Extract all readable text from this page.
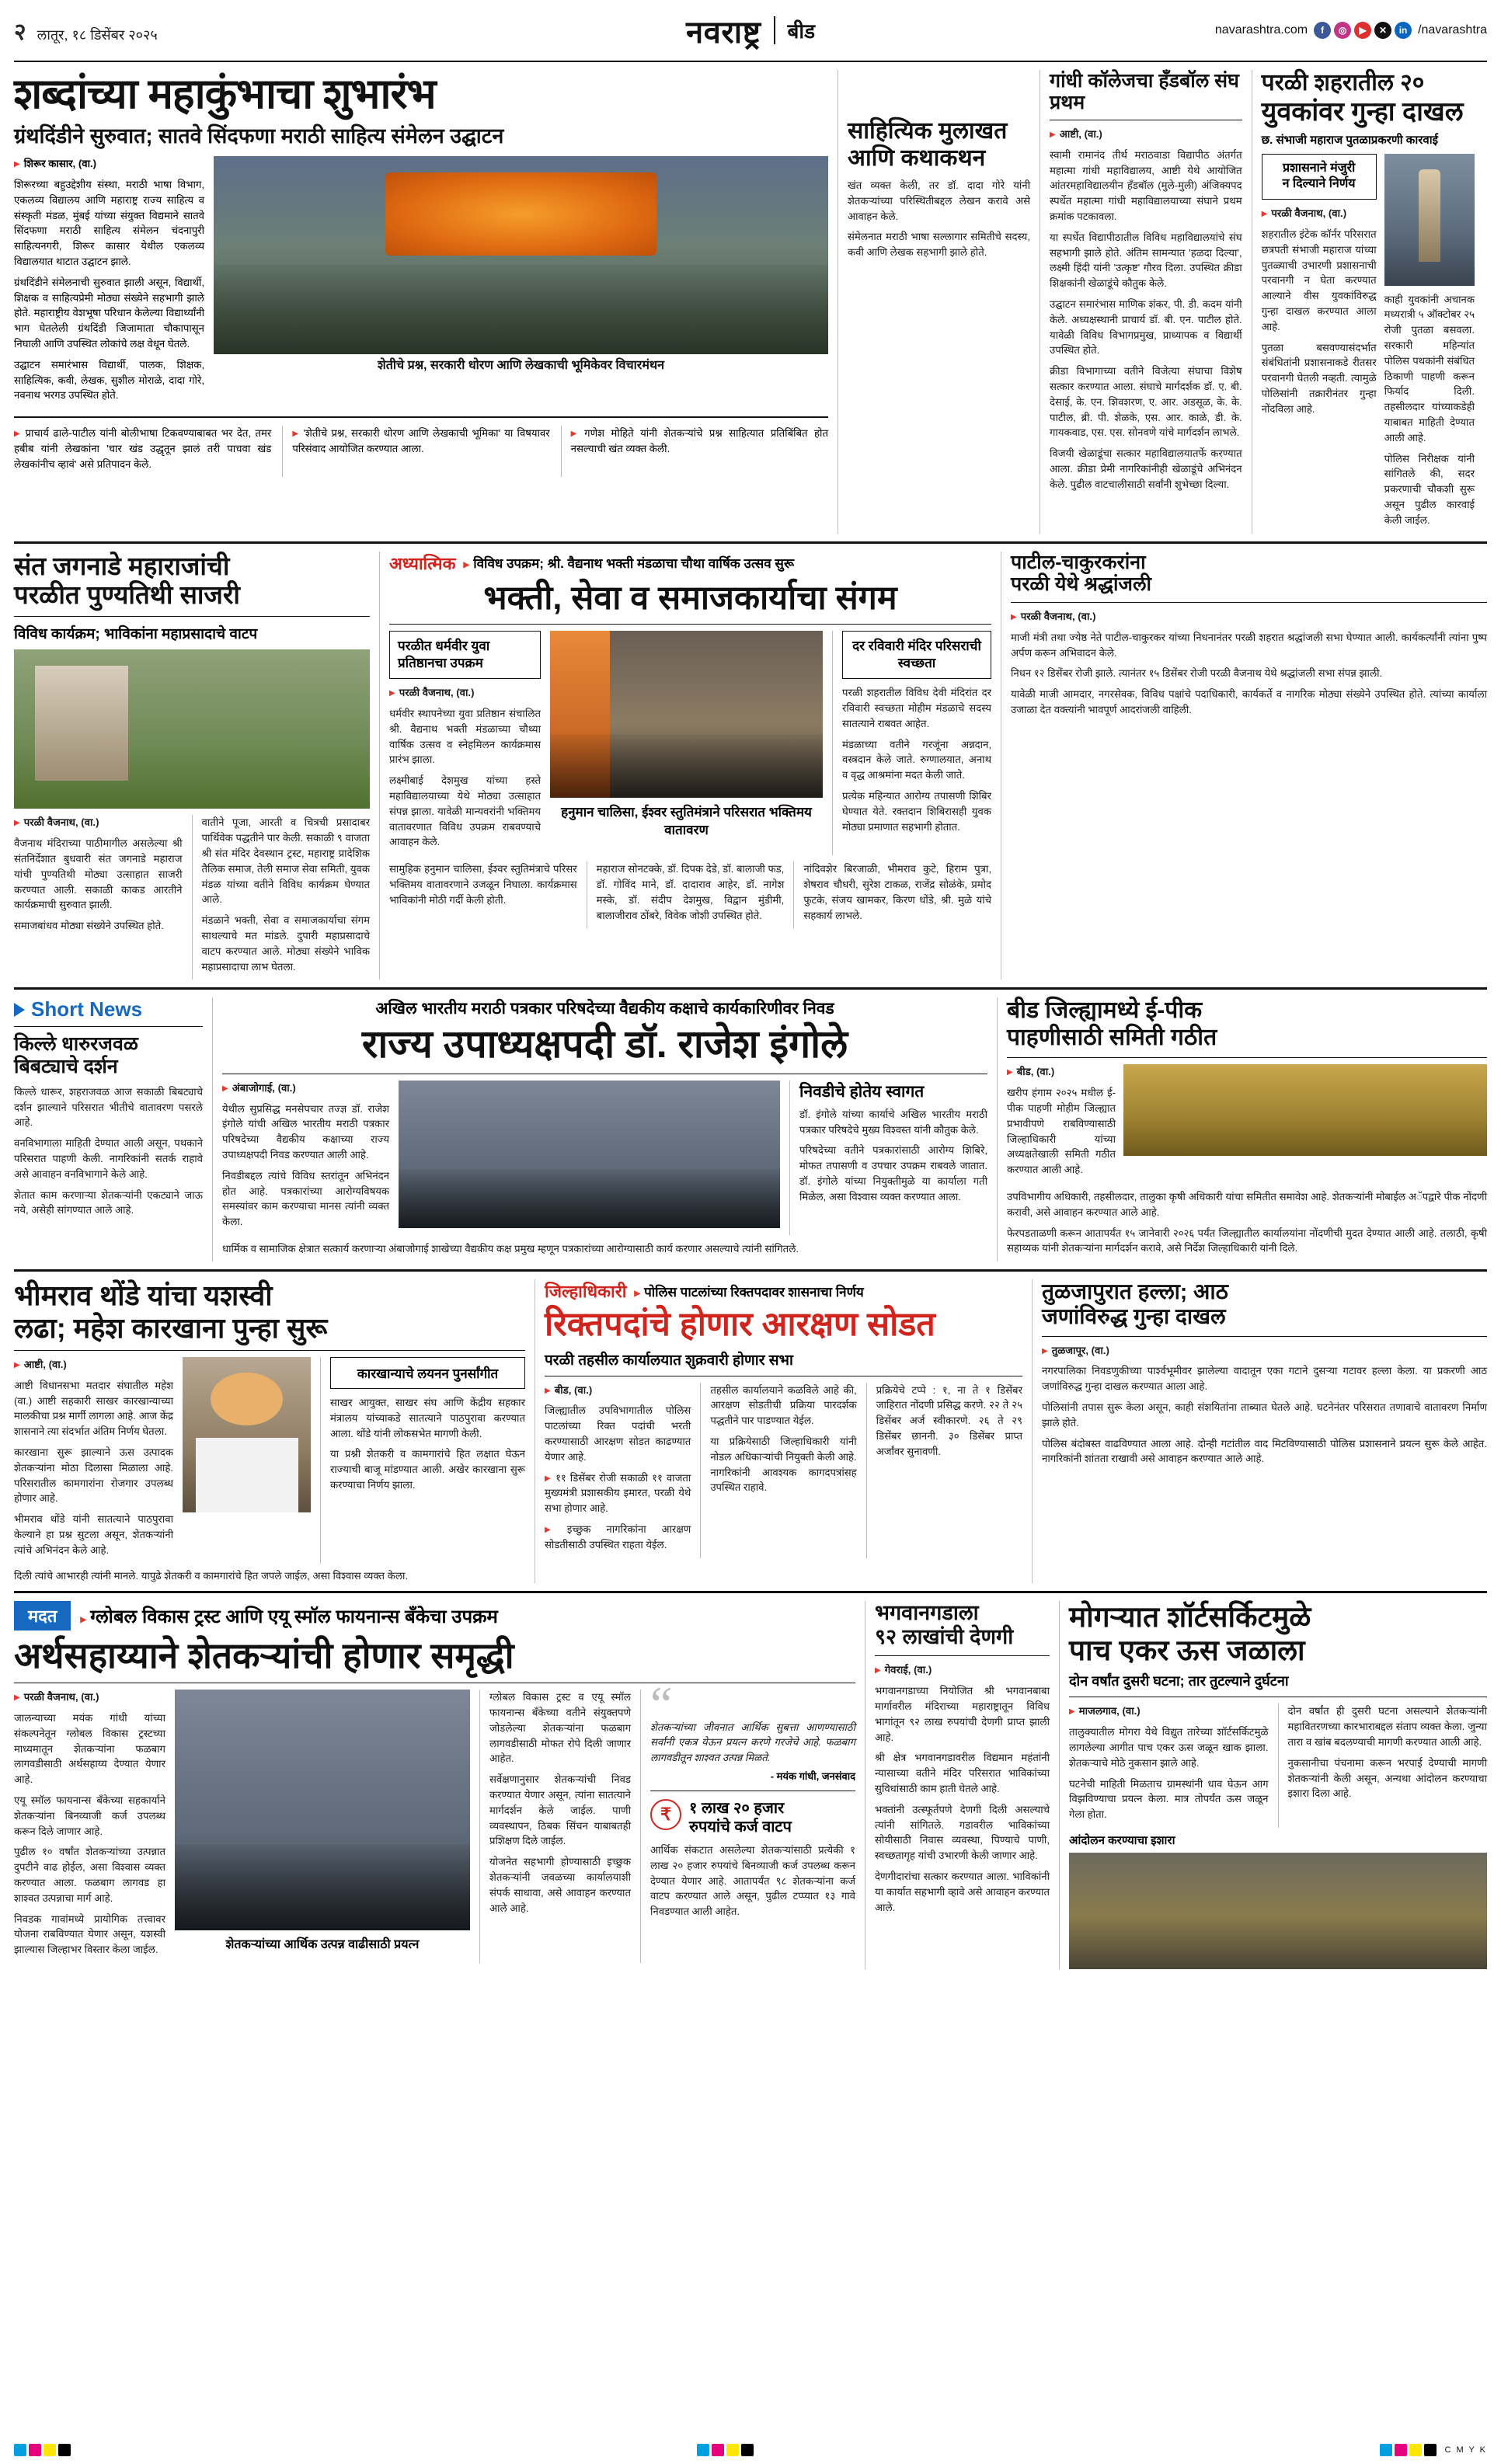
२ लातूर, १८ डिसेंबर २०२५	नवराष्ट्र	बीड	navarashtra.com	f	◎	▶	✕	in /navarashtra
शब्दांच्या महाकुंभाचा शुभारंभ
ग्रंथदिंडीने सुरुवात; सातवे सिंदफणा मराठी साहित्य संमेलन उद्घाटन

▶ शिरूर कासार, (वा.)

शिरूरच्या बहुउद्देशीय संस्था, मराठी भाषा विभाग, एकलव्य विद्यालय आणि महाराष्ट्र राज्य साहित्य व संस्कृती मंडळ, मुंबई यांच्या संयुक्त विद्यमाने सातवे सिंदफणा मराठी साहित्य संमेलन चंदनापुरी साहित्यनगरी, शिरूर कासार येथील एकलव्य विद्यालयात थाटात उद्घाटन झाले.

ग्रंथदिंडीने संमेलनाची सुरुवात झाली असून, विद्यार्थी, शिक्षक व साहित्यप्रेमी मोठ्या संख्येने सहभागी झाले होते. महाराष्ट्रीय वेशभूषा परिधान केलेल्या विद्यार्थ्यांनी भाग घेतलेली ग्रंथदिंडी जिजामाता चौकापासून निघाली आणि उपस्थित लोकांचे लक्ष वेधून घेतले.

उद्घाटन समारंभास विद्यार्थी, पालक, शिक्षक, साहित्यिक, कवी, लेखक, सुशील मोराळे, दादा गोरे, नवनाथ भरगड उपस्थित होते.

शेतीचे प्रश्न, सरकारी धोरण आणि लेखकाची भूमिकेवर विचारमंथन

▶ प्राचार्य ढाले-पाटील यांनी बोलीभाषा टिकवण्याबाबत भर देत, तमर हबीब यांनी लेखकांना 'चार खंड उद्धृतून झालं तरी पाचवा खंड लेखकांनीच व्हावं' असे प्रतिपादन केले.

▶ 'शेतीचे प्रश्न, सरकारी धोरण आणि लेखकाची भूमिका' या विषयावर परिसंवाद आयोजित करण्यात आला.

▶ गणेश मोहिते यांनी शेतकऱ्यांचे प्रश्न साहित्यात प्रतिबिंबित होत नसल्याची खंत व्यक्त केली.

साहित्यिक मुलाखत
आणि कथाकथन

खंत व्यक्त केली, तर डॉ. दादा गोरे यांनी शेतकऱ्यांच्या परिस्थितीबद्दल लेखन करावे असे आवाहन केले.

संमेलनात मराठी भाषा सल्लागार समितीचे सदस्य, कवी आणि लेखक सहभागी झाले होते.

गांधी कॉलेजचा हँडबॉल संघ प्रथम

▶ आष्टी, (वा.)

स्वामी रामानंद तीर्थ मराठवाडा विद्यापीठ अंतर्गत महात्मा गांधी महाविद्यालय, आष्टी येथे आयोजित आंतरमहाविद्यालयीन हँडबॉल (मुले-मुली) अंजिक्यपद स्पर्धेत महात्मा गांधी महाविद्यालयाच्या संघाने प्रथम क्रमांक पटकावला.

या स्पर्धेत विद्यापीठातील विविध महाविद्यालयांचे संघ सहभागी झाले होते. अंतिम सामन्यात 'हळदा दिल्या', लक्ष्मी हिंदी यांनी 'उत्कृष्ट' गौरव दिला. उपस्थित क्रीडा शिक्षकांनी खेळाडूंचे कौतुक केले.

उद्घाटन समारंभास माणिक शंकर, पी. डी. कदम यांनी केले. अध्यक्षस्थानी प्राचार्य डॉ. बी. एन. पाटील होते. यावेळी विविध विभागप्रमुख, प्राध्यापक व विद्यार्थी उपस्थित होते.

क्रीडा विभागाच्या वतीने विजेत्या संघाचा विशेष सत्कार करण्यात आला. संघाचे मार्गदर्शक डॉ. ए. बी. देसाई, के. एन. शिवशरण, ए. आर. अडसूळ, के. के. पाटील, ब्री. पी. शेळके, एस. आर. काळे, डी. के. गायकवाड, एस. एस. सोनवणे यांचे मार्गदर्शन लाभले.

विजयी खेळाडूंचा सत्कार महाविद्यालयातर्फे करण्यात आला. क्रीडा प्रेमी नागरिकांनीही खेळाडूंचे अभिनंदन केले. पुढील वाटचालीसाठी सर्वांनी शुभेच्छा दिल्या.

परळी शहरातील २०
युवकांवर गुन्हा दाखल
छ. संभाजी महाराज पुतळाप्रकरणी कारवाई
प्रशासनाने मंजुरी
न दिल्याने निर्णय

▶ परळी वैजनाथ, (वा.)

शहरातील इंटेक कॉर्नर परिसरात छत्रपती संभाजी महाराज यांच्या पुतळ्याची उभारणी प्रशासनाची परवानगी न घेता करण्यात आल्याने वीस युवकांविरुद्ध गुन्हा दाखल करण्यात आला आहे.

पुतळा बसवण्यासंदर्भात संबंधितांनी प्रशासनाकडे रीतसर परवानगी घेतली नव्हती. त्यामुळे पोलिसांनी तक्रारीनंतर गुन्हा नोंदविला आहे.

काही युवकांनी अचानक मध्यरात्री ५ ऑक्टोबर २५ रोजी पुतळा बसवला. सरकारी महिन्यांत पोलिस पथकांनी संबंधित ठिकाणी पाहणी करून फिर्याद दिली. तहसीलदार यांच्याकडेही याबाबत माहिती देण्यात आली आहे.

पोलिस निरीक्षक यांनी सांगितले की, सदर प्रकरणाची चौकशी सुरू असून पुढील कारवाई केली जाईल.

संत जगनाडे महाराजांची
परळीत पुण्यतिथी साजरी
विविध कार्यक्रम; भाविकांना महाप्रसादाचे वाटप

▶ परळी वैजनाथ, (वा.)

वैजनाथ मंदिराच्या पाठीमागील असलेल्या श्री संतनिर्देशात बुधवारी संत जगनाडे महाराज यांची पुण्यतिथी मोठ्या उत्साहात साजरी करण्यात आली. सकाळी काकड आरतीने कार्यक्रमाची सुरुवात झाली.

समाजबांधव मोठ्या संख्येने उपस्थित होते.

वातीने पूजा, आरती व चित्रची प्रसादाबर पार्थिवेक पद्धतीने पार केली. सकाळी ९ वाजता श्री संत मंदिर देवस्थान ट्रस्ट, महाराष्ट्र प्रादेशिक तैलिक समाज, तेली समाज सेवा समिती, युवक मंडळ यांच्या वतीने विविध कार्यक्रम घेण्यात आले.

मंडळाने भक्ती, सेवा व समाजकार्याचा संगम साधल्याचे मत मांडले. दुपारी महाप्रसादाचे वाटप करण्यात आले. मोठ्या संख्येने भाविक महाप्रसादाचा लाभ घेतला.

अध्यात्मिक	▶ विविध उपक्रम; श्री. वैद्यनाथ भक्ती मंडळाचा चौथा वार्षिक उत्सव सुरू
भक्ती, सेवा व समाजकार्याचा संगम
परळीत धर्मवीर युवा प्रतिष्ठानचा उपक्रम

▶ परळी वैजनाथ, (वा.)

धर्मवीर स्थापनेच्या युवा प्रतिष्ठान संचालित श्री. वैद्यनाथ भक्ती मंडळाच्या चौथ्या वार्षिक उत्सव व स्नेहमिलन कार्यक्रमास प्रारंभ झाला.

लक्ष्मीबाई देशमुख यांच्या हस्ते महाविद्यालयाच्या येथे मोठ्या उत्साहात संपन्न झाला. यावेळी मान्यवरांनी भक्तिमय वातावरणात विविध उपक्रम राबवण्याचे आवाहन केले.

हनुमान चालिसा, ईश्वर स्तुतिमंत्राने परिसरात भक्तिमय वातावरण
दर रविवारी मंदिर परिसराची स्वच्छता

परळी शहरातील विविध देवी मंदिरांत दर रविवारी स्वच्छता मोहीम मंडळाचे सदस्य सातत्याने राबवत आहेत.

मंडळाच्या वतीने गरजूंना अन्नदान, वस्त्रदान केले जाते. रुग्णालयात, अनाथ व वृद्ध आश्रमांना मदत केली जाते.

प्रत्येक महिन्यात आरोग्य तपासणी शिबिर घेण्यात येते. रक्तदान शिबिरासही युवक मोठ्या प्रमाणात सहभागी होतात.

सामुहिक हनुमान चालिसा, ईश्वर स्तुतिमंत्राचे परिसर भक्तिमय वातावरणाने उजळून निघाला. कार्यक्रमास भाविकांनी मोठी गर्दी केली होती.

महाराज सोनटक्के, डॉ. दिपक देडे, डॉ. बालाजी फड, डॉ. गोविंद माने, डॉ. दादाराव आहेर, डॉ. नागेश मस्के, डॉ. संदीप देशमुख, विद्वान मुंडीमी, बालाजीराव ठोंबरे, विवेक जोशी उपस्थित होते.

नांदिवशेर बिरजाळी, भीमराव कुटे, हिराम पुत्रा, शेषराव चौधरी, सुरेश टाकळ, राजेंद्र सोळंके, प्रमोद फुटके, संजय खामकर, किरण धोंडे, श्री. मुळे यांचे सहकार्य लाभले.

पाटील-चाकुरकरांना
परळी येथे श्रद्धांजली

▶ परळी वैजनाथ, (वा.)

माजी मंत्री तथा ज्येष्ठ नेते पाटील-चाकुरकर यांच्या निधनानंतर परळी शहरात श्रद्धांजली सभा घेण्यात आली. कार्यकर्त्यांनी त्यांना पुष्प अर्पण करून अभिवादन केले.

निधन १२ डिसेंबर रोजी झाले. त्यानंतर १५ डिसेंबर रोजी परळी वैजनाथ येथे श्रद्धांजली सभा संपन्न झाली.

यावेळी माजी आमदार, नगरसेवक, विविध पक्षांचे पदाधिकारी, कार्यकर्ते व नागरिक मोठ्या संख्येने उपस्थित होते. त्यांच्या कार्याला उजाळा देत वक्त्यांनी भावपूर्ण आदरांजली वाहिली.

Short News
किल्ले धारुरजवळ
बिबट्याचे दर्शन

किल्ले धारूर, शहराजवळ आज सकाळी बिबट्याचे दर्शन झाल्याने परिसरात भीतीचे वातावरण पसरले आहे.

वनविभागाला माहिती देण्यात आली असून, पथकाने परिसरात पाहणी केली. नागरिकांनी सतर्क राहावे असे आवाहन वनविभागाने केले आहे.

शेतात काम करणाऱ्या शेतकऱ्यांनी एकट्याने जाऊ नये, असेही सांगण्यात आले आहे.

अखिल भारतीय मराठी पत्रकार परिषदेच्या वैद्यकीय कक्षाचे कार्यकारिणीवर निवड
राज्य उपाध्यक्षपदी डॉ. राजेश इंगोले

▶ अंबाजोगाई, (वा.)

येथील सुप्रसिद्ध मनसेपचार तज्ज्ञ डॉ. राजेश इंगोले यांची अखिल भारतीय मराठी पत्रकार परिषदेच्या वैद्यकीय कक्षाच्या राज्य उपाध्यक्षपदी निवड करण्यात आली आहे.

निवडीबद्दल त्यांचे विविध स्तरांतून अभिनंदन होत आहे. पत्रकारांच्या आरोग्यविषयक समस्यांवर काम करण्याचा मानस त्यांनी व्यक्त केला.

निवडीचे होतेय स्वागत

डॉ. इंगोले यांच्या कार्याचे अखिल भारतीय मराठी पत्रकार परिषदेचे मुख्य विश्वस्त यांनी कौतुक केले.

परिषदेच्या वतीने पत्रकारांसाठी आरोग्य शिबिरे, मोफत तपासणी व उपचार उपक्रम राबवले जातात. डॉ. इंगोले यांच्या नियुक्तीमुळे या कार्याला गती मिळेल, असा विश्वास व्यक्त करण्यात आला.

धार्मिक व सामाजिक क्षेत्रात सत्कार्य करणाऱ्या अंबाजोगाई शाखेच्या वैद्यकीय कक्ष प्रमुख म्हणून पत्रकारांच्या आरोग्यासाठी कार्य करणार असल्याचे त्यांनी सांगितले.
बीड जिल्ह्यामध्ये ई-पीक
पाहणीसाठी समिती गठीत

▶ बीड, (वा.)

खरीप हंगाम २०२५ मधील ई-पीक पाहणी मोहीम जिल्ह्यात प्रभावीपणे राबविण्यासाठी जिल्हाधिकारी यांच्या अध्यक्षतेखाली समिती गठीत करण्यात आली आहे.

उपविभागीय अधिकारी, तहसीलदार, तालुका कृषी अधिकारी यांचा समितीत समावेश आहे. शेतकऱ्यांनी मोबाईल अॅपद्वारे पीक नोंदणी करावी, असे आवाहन करण्यात आले आहे.

फेरपडताळणी करून आतापर्यंत १५ जानेवारी २०२६ पर्यंत जिल्ह्यातील कार्यालयांना नोंदणीची मुदत देण्यात आली आहे. तलाठी, कृषी सहाय्यक यांनी शेतकऱ्यांना मार्गदर्शन करावे, असे निर्देश जिल्हाधिकारी यांनी दिले.

भीमराव थोंडे यांचा यशस्वी
लढा; महेश कारखाना पुन्हा सुरू

▶ आष्टी, (वा.)

आष्टी विधानसभा मतदार संघातील महेश (वा.) आष्टी सहकारी साखर कारखान्याच्या मालकीचा प्रश्न मार्गी लागला आहे. आज केंद्र शासनाने त्या संदर्भात अंतिम निर्णय घेतला.

कारखाना सुरू झाल्याने ऊस उत्पादक शेतकऱ्यांना मोठा दिलासा मिळाला आहे. परिसरातील कामगारांना रोजगार उपलब्ध होणार आहे.

भीमराव थोंडे यांनी सातत्याने पाठपुरावा केल्याने हा प्रश्न सुटला असून, शेतकऱ्यांनी त्यांचे अभिनंदन केले आहे.

कारखान्याचे लयनन पुनर्सांगीत

साखर आयुक्त, साखर संघ आणि केंद्रीय सहकार मंत्रालय यांच्याकडे सातत्याने पाठपुरावा करण्यात आला. थोंडे यांनी लोकसभेत मागणी केली.

या प्रश्नी शेतकरी व कामगारांचे हित लक्षात घेऊन राज्याची बाजू मांडण्यात आली. अखेर कारखाना सुरू करण्याचा निर्णय झाला.

दिली त्यांचे आभारही त्यांनी मानले. यापुढे शेतकरी व कामगारांचे हित जपले जाईल, असा विश्वास व्यक्त केला.
जिल्हाधिकारी	▶ पोलिस पाटलांच्या रिक्तपदावर शासनाचा निर्णय
रिक्तपदांचे होणार आरक्षण सोडत
परळी तहसील कार्यालयात शुक्रवारी होणार सभा

▶ बीड, (वा.)

जिल्ह्यातील उपविभागातील पोलिस पाटलांच्या रिक्त पदांची भरती करण्यासाठी आरक्षण सोडत काढण्यात येणार आहे.

▶ ११ डिसेंबर रोजी सकाळी ११ वाजता मुख्यमंत्री प्रशासकीय इमारत, परळी येथे सभा होणार आहे.

▶ इच्छुक नागरिकांना आरक्षण सोडतीसाठी उपस्थित राहता येईल.

तहसील कार्यालयाने कळविले आहे की, आरक्षण सोडतीची प्रक्रिया पारदर्शक पद्धतीने पार पाडण्यात येईल.

या प्रक्रियेसाठी जिल्हाधिकारी यांनी नोडल अधिकाऱ्यांची नियुक्ती केली आहे. नागरिकांनी आवश्यक कागदपत्रांसह उपस्थित राहावे.

प्रक्रियेचे टप्पे : १, ना ते १ डिसेंबर जाहिरात नोंदणी प्रसिद्ध करणे. २२ ते २५ डिसेंबर अर्ज स्वीकारणे. २६ ते २९ डिसेंबर छाननी. ३० डिसेंबर प्राप्त अर्जांवर सुनावणी.

तुळजापुरात हल्ला; आठ
जणांविरुद्ध गुन्हा दाखल

▶ तुळजापूर, (वा.)

नगरपालिका निवडणुकीच्या पार्श्वभूमीवर झालेल्या वादातून एका गटाने दुसऱ्या गटावर हल्ला केला. या प्रकरणी आठ जणांविरुद्ध गुन्हा दाखल करण्यात आला आहे.

पोलिसांनी तपास सुरू केला असून, काही संशयितांना ताब्यात घेतले आहे. घटनेनंतर परिसरात तणावाचे वातावरण निर्माण झाले होते.

पोलिस बंदोबस्त वाढविण्यात आला आहे. दोन्ही गटांतील वाद मिटविण्यासाठी पोलिस प्रशासनाने प्रयत्न सुरू केले आहेत. नागरिकांनी शांतता राखावी असे आवाहन करण्यात आले आहे.

मदत	▶ ग्लोबल विकास ट्रस्ट आणि एयू स्मॉल फायनान्स बँकेचा उपक्रम
अर्थसहाय्याने शेतकऱ्यांची होणार समृद्धी

▶ परळी वैजनाथ, (वा.)

जालन्याच्या मयंक गांधी यांच्या संकल्पनेतून ग्लोबल विकास ट्रस्टच्या माध्यमातून शेतकऱ्यांना फळबाग लागवडीसाठी अर्थसहाय्य देण्यात येणार आहे.

एयू स्मॉल फायनान्स बँकेच्या सहकार्याने शेतकऱ्यांना बिनव्याजी कर्ज उपलब्ध करून दिले जाणार आहे.

पुढील १० वर्षांत शेतकऱ्यांच्या उत्पन्नात दुपटीने वाढ होईल, असा विश्वास व्यक्त करण्यात आला. फळबाग लागवड हा शाश्वत उत्पन्नाचा मार्ग आहे.

निवडक गावांमध्ये प्रायोगिक तत्त्वावर योजना राबविण्यात येणार असून, यशस्वी झाल्यास जिल्हाभर विस्तार केला जाईल.	शेतकऱ्यांच्या आर्थिक उत्पन्न वाढीसाठी प्रयत्न

ग्लोबल विकास ट्रस्ट व एयू स्मॉल फायनान्स बँकेच्या वतीने संयुक्तपणे जोडलेल्या शेतकऱ्यांना फळबाग लागवडीसाठी मोफत रोपे दिली जाणार आहेत.

सर्वेक्षणानुसार शेतकऱ्यांची निवड करण्यात येणार असून, त्यांना सातत्याने मार्गदर्शन केले जाईल. पाणी व्यवस्थापन, ठिबक सिंचन याबाबतही प्रशिक्षण दिले जाईल.

योजनेत सहभागी होण्यासाठी इच्छुक शेतकऱ्यांनी जवळच्या कार्यालयाशी संपर्क साधावा, असे आवाहन करण्यात आले आहे.

“
शेतकऱ्यांच्या जीवनात आर्थिक सुबत्ता आणण्यासाठी सर्वांनी एकत्र येऊन प्रयत्न करणे गरजेचे आहे. फळबाग लागवडीतून शाश्वत उत्पन्न मिळते.
- मयंक गांधी, जनसंवाद
₹	१ लाख २० हजार
रुपयांचे कर्ज वाटप
आर्थिक संकटात असलेल्या शेतकऱ्यांसाठी प्रत्येकी १ लाख २० हजार रुपयांचे बिनव्याजी कर्ज उपलब्ध करून देण्यात येणार आहे. आतापर्यंत ९८ शेतकऱ्यांना कर्ज वाटप करण्यात आले असून, पुढील टप्प्यात १३ गावे निवडण्यात आली आहेत.
भगवानगडाला
९२ लाखांची देणगी

▶ गेवराई, (वा.)

भगवानगडाच्या नियोजित श्री भगवानबाबा मार्गावरील मंदिराच्या महाराष्ट्रातून विविध भागांतून ९२ लाख रुपयांची देणगी प्राप्त झाली आहे.

श्री क्षेत्र भगवानगडावरील विद्यमान महंतांनी न्यासाच्या वतीने मंदिर परिसरात भाविकांच्या सुविधांसाठी काम हाती घेतले आहे.

भक्तांनी उत्स्फूर्तपणे देणगी दिली असल्याचे त्यांनी सांगितले. गडावरील भाविकांच्या सोयीसाठी निवास व्यवस्था, पिण्याचे पाणी, स्वच्छतागृह यांची उभारणी केली जाणार आहे.

देणगीदारांचा सत्कार करण्यात आला. भाविकांनी या कार्यात सहभागी व्हावे असे आवाहन करण्यात आले.

मोगऱ्यात शॉर्टसर्किटमुळे
पाच एकर ऊस जळाला
दोन वर्षांत दुसरी घटना; तार तुटल्याने दुर्घटना

▶ माजलगाव, (वा.)

तालुक्यातील मोगरा येथे विद्युत तारेच्या शॉर्टसर्किटमुळे लागलेल्या आगीत पाच एकर ऊस जळून खाक झाला. शेतकऱ्याचे मोठे नुकसान झाले आहे.

घटनेची माहिती मिळताच ग्रामस्थांनी धाव घेऊन आग विझविण्याचा प्रयत्न केला. मात्र तोपर्यंत ऊस जळून गेला होता.

दोन वर्षांत ही दुसरी घटना असल्याने शेतकऱ्यांनी महावितरणच्या कारभाराबद्दल संताप व्यक्त केला. जुन्या तारा व खांब बदलण्याची मागणी करण्यात आली आहे.

नुकसानीचा पंचनामा करून भरपाई देण्याची मागणी शेतकऱ्यांनी केली असून, अन्यथा आंदोलन करण्याचा इशारा दिला आहे.

आंदोलन करण्याचा इशारा
C M Y K
